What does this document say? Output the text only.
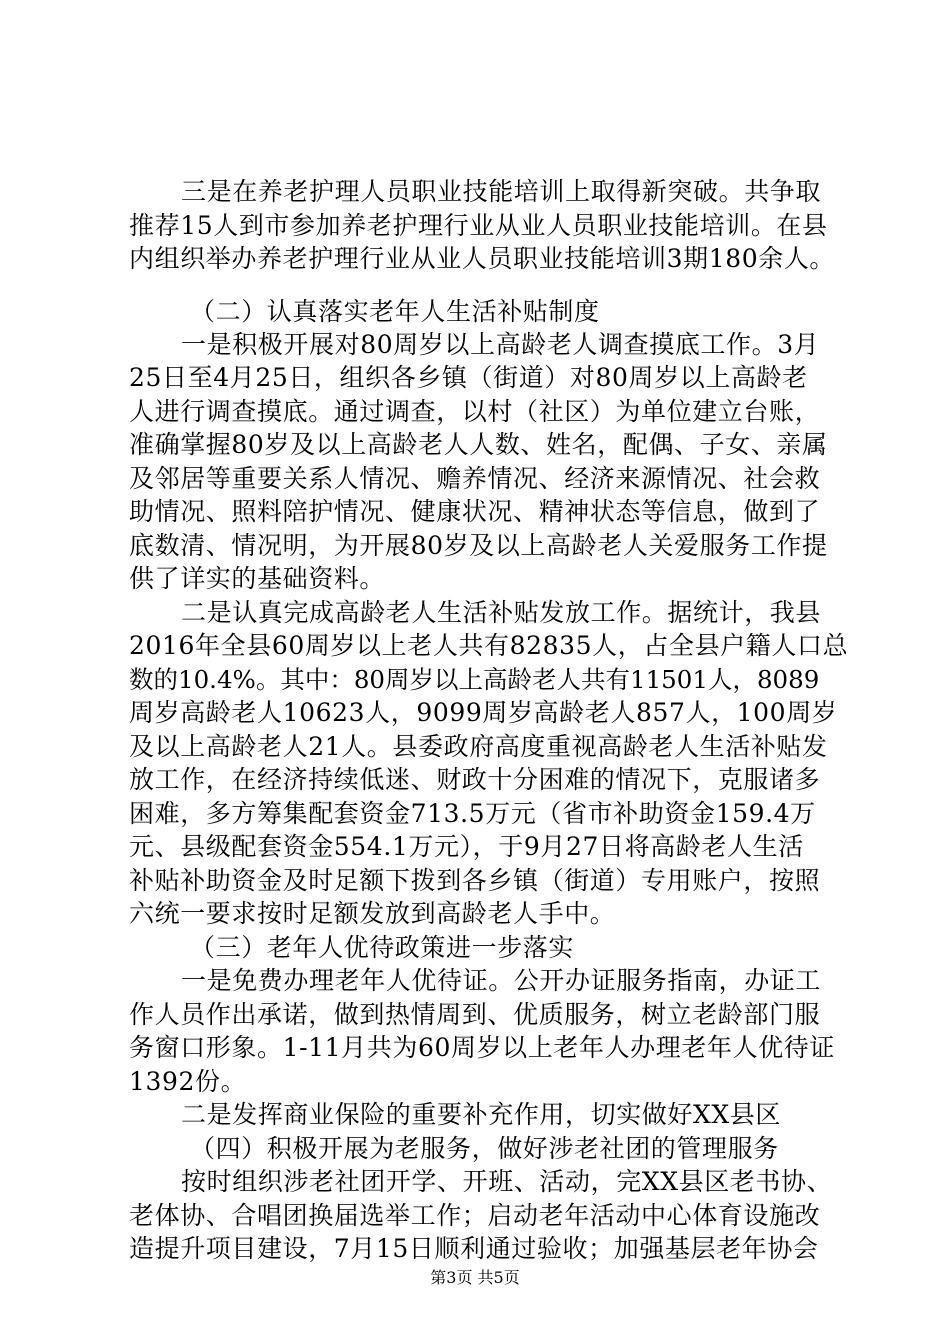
三是在养老护理人员职业技能培训上取得新突破。共争取
推荐15人到市参加养老护理行业从业人员职业技能培训。在县
内组织举办养老护理行业从业人员职业技能培训3期180余人。
（二）认真落实老年人生活补贴制度
一是积极开展对80周岁以上高龄老人调查摸底工作。3月
25日至4月25日，组织各乡镇（街道）对80周岁以上高龄老
人进行调查摸底。通过调查，以村（社区）为单位建立台账，
准确掌握80岁及以上高龄老人人数、姓名，配偶、子女、亲属
及邻居等重要关系人情况、赡养情况、经济来源情况、社会救
助情况、照料陪护情况、健康状况、精神状态等信息，做到了
底数清、情况明，为开展80岁及以上高龄老人关爱服务工作提
供了详实的基础资料。
二是认真完成高龄老人生活补贴发放工作。据统计，我县
2016年全县60周岁以上老人共有82835人，占全县户籍人口总
数的10.4%。其中：80周岁以上高龄老人共有11501人，8089
周岁高龄老人10623人，9099周岁高龄老人857人，100周岁
及以上高龄老人21人。县委政府高度重视高龄老人生活补贴发
放工作，在经济持续低迷、财政十分困难的情况下，克服诸多
困难，多方筹集配套资金713.5万元（省市补助资金159.4万
元、县级配套资金554.1万元），于9月27日将高龄老人生活
补贴补助资金及时足额下拨到各乡镇（街道）专用账户，按照
六统一要求按时足额发放到高龄老人手中。
（三）老年人优待政策进一步落实
一是免费办理老年人优待证。公开办证服务指南，办证工
作人员作出承诺，做到热情周到、优质服务，树立老龄部门服
务窗口形象。1-11月共为60周岁以上老年人办理老年人优待证
1392份。
二是发挥商业保险的重要补充作用，切实做好XX县区
（四）积极开展为老服务，做好涉老社团的管理服务
按时组织涉老社团开学、开班、活动，完XX县区老书协、
老体协、合唱团换届选举工作；启动老年活动中心体育设施改
造提升项目建设，7月15日顺利通过验收；加强基层老年协会
第3页 共5页
